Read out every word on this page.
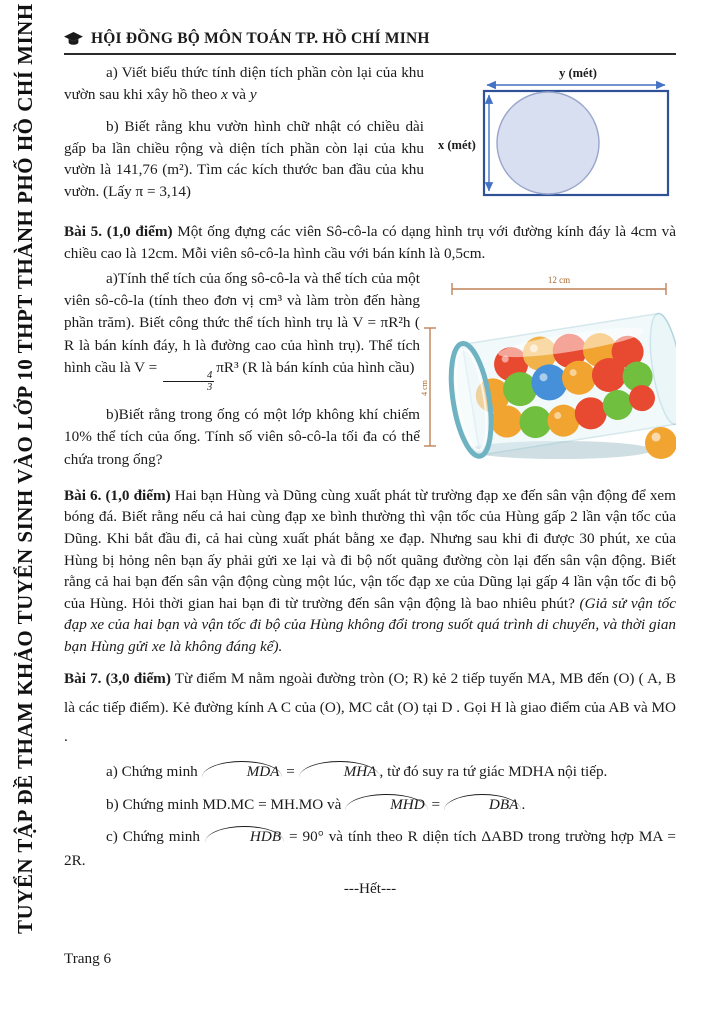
TUYỂN TẬP ĐỀ THAM KHẢO TUYỂN SINH VÀO LỚP 10 THPT THÀNH PHỐ HỒ CHÍ MINH	HỘI ĐỒNG BỘ MÔN TOÁN TP. HỒ CHÍ MINH

a) Viết biểu thức tính diện tích phần còn lại của khu vườn sau khi xây hồ theo x và y

b) Biết rằng khu vườn hình chữ nhật có chiều dài gấp ba lần chiều rộng và diện tích phần còn lại của khu vườn là 141,76 (m²). Tìm các kích thước ban đầu của khu vườn. (Lấy π = 3,14)

y (mét)
x (mét)

Bài 5. (1,0 điểm) Một ống đựng các viên Sô-cô-la có dạng hình trụ với đường kính đáy là 4cm và chiều cao là 12cm. Mỗi viên sô-cô-la hình cầu với bán kính là 0,5cm.

a)Tính thể tích của ống sô-cô-la và thể tích của một viên sô-cô-la (tính theo đơn vị cm³ và làm tròn đến hàng phần trăm). Biết công thức thể tích hình trụ là V = πR²h ( R là bán kính đáy, h là đường cao của hình trụ). Thể tích hình cầu là V =
$\frac{4}{3}$
πR³ (R là bán kính của hình cầu)

b)Biết rằng trong ống có một lớp không khí chiếm 10% thể tích của ống. Tính số viên sô-cô-la tối đa có thể chứa trong ống?

12 cm
4 cm

Bài 6. (1,0 điểm) Hai bạn Hùng và Dũng cùng xuất phát từ trường đạp xe đến sân vận động để xem bóng đá. Biết rằng nếu cả hai cùng đạp xe bình thường thì vận tốc của Hùng gấp 2 lần vận tốc của Dũng. Khi bắt đầu đi, cả hai cùng xuất phát bằng xe đạp. Nhưng sau khi đi được 30 phút, xe của Hùng bị hỏng nên bạn ấy phải gửi xe lại và đi bộ nốt quãng đường còn lại đến sân vận động. Biết rằng cả hai bạn đến sân vận động cùng một lúc, vận tốc đạp xe của Dũng lại gấp 4 lần vận tốc đi bộ của Hùng. Hỏi thời gian hai bạn đi từ trường đến sân vận động là bao nhiêu phút? (Giả sử vận tốc đạp xe của hai bạn và vận tốc đi bộ của Hùng không đổi trong suốt quá trình di chuyển, và thời gian bạn Hùng gửi xe là không đáng kể).

Bài 7. (3,0 điểm) Từ điểm M nằm ngoài đường tròn (O; R) kẻ 2 tiếp tuyến MA, MB đến (O) ( A, B là các tiếp điểm). Kẻ đường kính A C của (O), MC cắt (O) tại D . Gọi H là giao điểm của AB và MO .

a) Chứng minh	MDA =	MHA , từ đó suy ra tứ giác MDHA nội tiếp.

b) Chứng minh MD.MC = MH.MO và	MHD =	DBA .

c) Chứng minh	HDB = 90° và tính theo R diện tích ΔABD trong trường hợp MA = 2R.

---Hết---

Trang 6
